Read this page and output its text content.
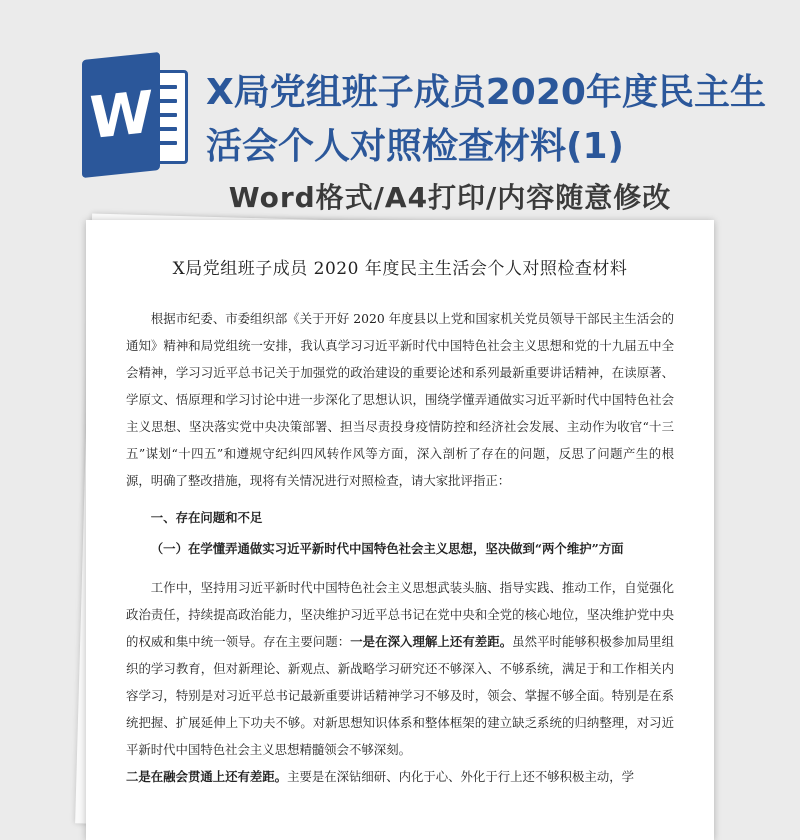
W X局党组班子成员2020年度民主生活会个人对照检查材料(1)

Word格式/A4打印/内容随意修改

X局党组班子成员 2020 年度民主生活会个人对照检查材料

根据市纪委、市委组织部《关于开好 2020 年度县以上党和国家机关党员领导干部民主生活会的通知》精神和局党组统一安排，我认真学习习近平新时代中国特色社会主义思想和党的十九届五中全会精神，学习习近平总书记关于加强党的政治建设的重要论述和系列最新重要讲话精神，在读原著、学原文、悟原理和学习讨论中进一步深化了思想认识，围绕学懂弄通做实习近平新时代中国特色社会主义思想、坚决落实党中央决策部署、担当尽责投身疫情防控和经济社会发展、主动作为收官“十三五”谋划“十四五”和遵规守纪纠四风转作风等方面，深入剖析了存在的问题，反思了问题产生的根源，明确了整改措施，现将有关情况进行对照检查，请大家批评指正：

一、存在问题和不足

（一）在学懂弄通做实习近平新时代中国特色社会主义思想，坚决做到“两个维护”方面

工作中，坚持用习近平新时代中国特色社会主义思想武装头脑、指导实践、推动工作，自觉强化政治责任，持续提高政治能力，坚决维护习近平总书记在党中央和全党的核心地位，坚决维护党中央的权威和集中统一领导。存在主要问题：一是在深入理解上还有差距。虽然平时能够积极参加局里组织的学习教育，但对新理论、新观点、新战略学习研究还不够深入、不够系统，满足于和工作相关内容学习，特别是对习近平总书记最新重要讲话精神学习不够及时，领会、掌握不够全面。特别是在系统把握、扩展延伸上下功夫不够。对新思想知识体系和整体框架的建立缺乏系统的归纳整理，对习近平新时代中国特色社会主义思想精髓领会不够深刻。
二是在融会贯通上还有差距。主要是在深钻细研、内化于心、外化于行上还不够积极主动，学
